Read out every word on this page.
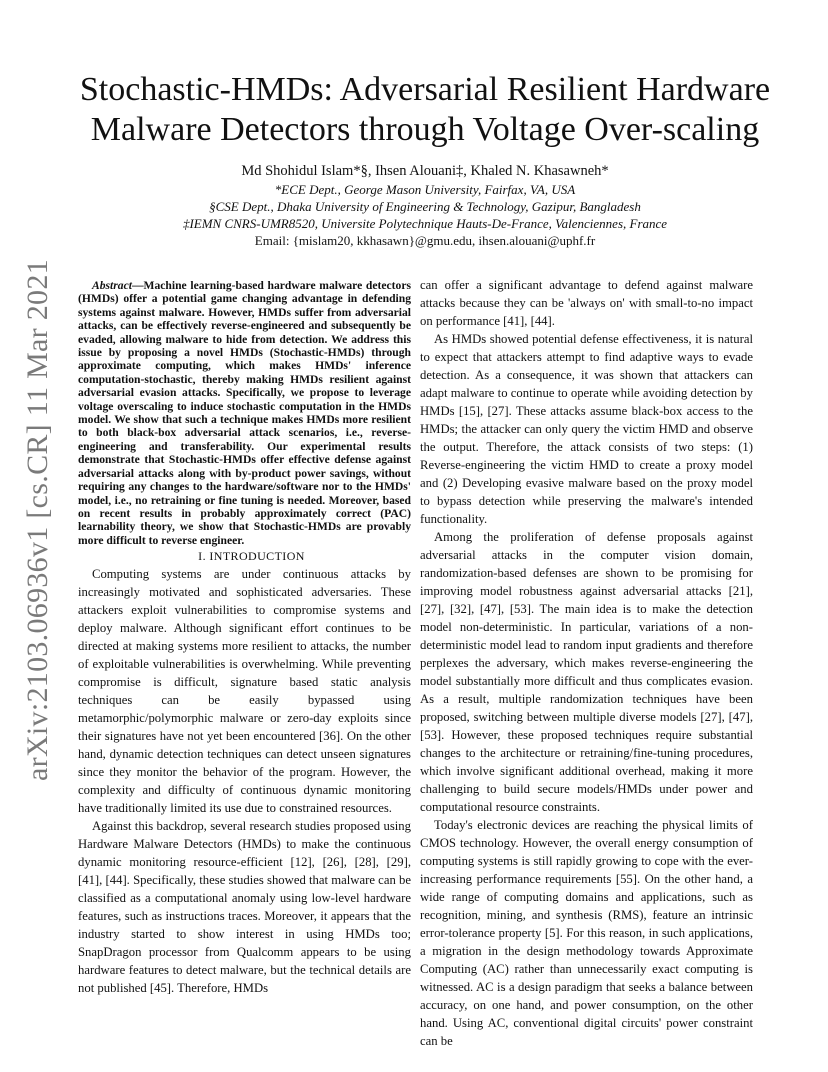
arXiv:2103.06936v1 [cs.CR] 11 Mar 2021
Stochastic-HMDs: Adversarial Resilient Hardware
Malware Detectors through Voltage Over-scaling
Md Shohidul Islam*§, Ihsen Alouani‡, Khaled N. Khasawneh*
*ECE Dept., George Mason University, Fairfax, VA, USA
§CSE Dept., Dhaka University of Engineering & Technology, Gazipur, Bangladesh
‡IEMN CNRS-UMR8520, Universite Polytechnique Hauts-De-France, Valenciennes, France
Email: {mislam20, kkhasawn}@gmu.edu, ihsen.alouani@uphf.fr

Abstract—Machine learning-based hardware malware detectors (HMDs) offer a potential game changing advantage in defending systems against malware. However, HMDs suffer from adversarial attacks, can be effectively reverse-engineered and subsequently be evaded, allowing malware to hide from detection. We address this issue by proposing a novel HMDs (Stochastic-HMDs) through approximate computing, which makes HMDs' inference computation-stochastic, thereby making HMDs resilient against adversarial evasion attacks. Specifically, we propose to leverage voltage overscaling to induce stochastic computation in the HMDs model. We show that such a technique makes HMDs more resilient to both black-box adversarial attack scenarios, i.e., reverse-engineering and transferability. Our experimental results demonstrate that Stochastic-HMDs offer effective defense against adversarial attacks along with by-product power savings, without requiring any changes to the hardware/software nor to the HMDs' model, i.e., no retraining or fine tuning is needed. Moreover, based on recent results in probably approximately correct (PAC) learnability theory, we show that Stochastic-HMDs are provably more difficult to reverse engineer.

I. INTRODUCTION

Computing systems are under continuous attacks by increasingly motivated and sophisticated adversaries. These attackers exploit vulnerabilities to compromise systems and deploy malware. Although significant effort continues to be directed at making systems more resilient to attacks, the number of exploitable vulnerabilities is overwhelming. While preventing compromise is difficult, signature based static analysis techniques can be easily bypassed using metamorphic/polymorphic malware or zero-day exploits since their signatures have not yet been encountered [36]. On the other hand, dynamic detection techniques can detect unseen signatures since they monitor the behavior of the program. However, the complexity and difficulty of continuous dynamic monitoring have traditionally limited its use due to constrained resources.

Against this backdrop, several research studies proposed using Hardware Malware Detectors (HMDs) to make the continuous dynamic monitoring resource-efficient [12], [26], [28], [29], [41], [44]. Specifically, these studies showed that malware can be classified as a computational anomaly using low-level hardware features, such as instructions traces. Moreover, it appears that the industry started to show interest in using HMDs too; SnapDragon processor from Qualcomm appears to be using hardware features to detect malware, but the technical details are not published [45]. Therefore, HMDs

can offer a significant advantage to defend against malware attacks because they can be 'always on' with small-to-no impact on performance [41], [44].

As HMDs showed potential defense effectiveness, it is natural to expect that attackers attempt to find adaptive ways to evade detection. As a consequence, it was shown that attackers can adapt malware to continue to operate while avoiding detection by HMDs [15], [27]. These attacks assume black-box access to the HMDs; the attacker can only query the victim HMD and observe the output. Therefore, the attack consists of two steps: (1) Reverse-engineering the victim HMD to create a proxy model and (2) Developing evasive malware based on the proxy model to bypass detection while preserving the malware's intended functionality.

Among the proliferation of defense proposals against adversarial attacks in the computer vision domain, randomization-based defenses are shown to be promising for improving model robustness against adversarial attacks [21], [27], [32], [47], [53]. The main idea is to make the detection model non-deterministic. In particular, variations of a non-deterministic model lead to random input gradients and therefore perplexes the adversary, which makes reverse-engineering the model substantially more difficult and thus complicates evasion. As a result, multiple randomization techniques have been proposed, switching between multiple diverse models [27], [47], [53]. However, these proposed techniques require substantial changes to the architecture or retraining/fine-tuning procedures, which involve significant additional overhead, making it more challenging to build secure models/HMDs under power and computational resource constraints.

Today's electronic devices are reaching the physical limits of CMOS technology. However, the overall energy consumption of computing systems is still rapidly growing to cope with the ever-increasing performance requirements [55]. On the other hand, a wide range of computing domains and applications, such as recognition, mining, and synthesis (RMS), feature an intrinsic error-tolerance property [5]. For this reason, in such applications, a migration in the design methodology towards Approximate Computing (AC) rather than unnecessarily exact computing is witnessed. AC is a design paradigm that seeks a balance between accuracy, on one hand, and power consumption, on the other hand. Using AC, conventional digital circuits' power constraint can be
